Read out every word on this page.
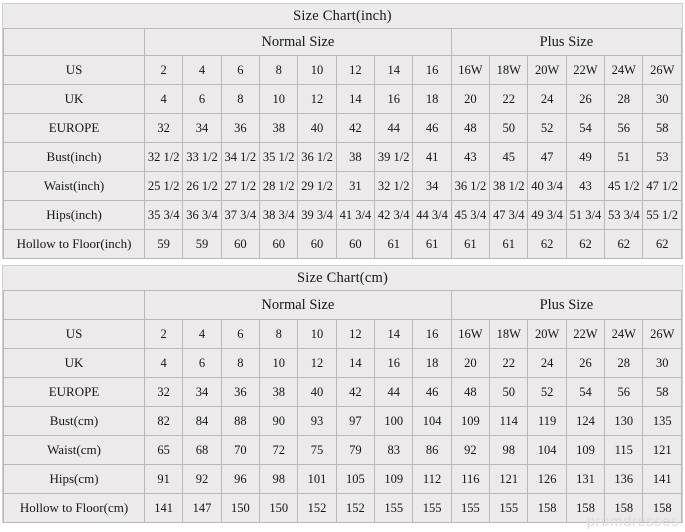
Size Chart(inch)
	Normal Size								Plus Size					
US	2	4	6	8	10	12	14	16	16W	18W	20W	22W	24W	26W
UK	4	6	8	10	12	14	16	18	20	22	24	26	28	30
EUROPE	32	34	36	38	40	42	44	46	48	50	52	54	56	58
Bust(inch)	32 1/2	33 1/2	34 1/2	35 1/2	36 1/2	38	39 1/2	41	43	45	47	49	51	53
Waist(inch)	25 1/2	26 1/2	27 1/2	28 1/2	29 1/2	31	32 1/2	34	36 1/2	38 1/2	40 3/4	43	45 1/2	47 1/2
Hips(inch)	35 3/4	36 3/4	37 3/4	38 3/4	39 3/4	41 3/4	42 3/4	44 3/4	45 3/4	47 3/4	49 3/4	51 3/4	53 3/4	55 1/2
Hollow to Floor(inch)	59	59	60	60	60	60	61	61	61	61	62	62	62	62
Size Chart(cm)
	Normal Size								Plus Size					
US	2	4	6	8	10	12	14	16	16W	18W	20W	22W	24W	26W
UK	4	6	8	10	12	14	16	18	20	22	24	26	28	30
EUROPE	32	34	36	38	40	42	44	46	48	50	52	54	56	58
Bust(cm)	82	84	88	90	93	97	100	104	109	114	119	124	130	135
Waist(cm)	65	68	70	72	75	79	83	86	92	98	104	109	115	121
Hips(cm)	91	92	96	98	101	105	109	112	116	121	126	131	136	141
Hollow to Floor(cm)	141	147	150	150	152	152	155	155	155	155	158	158	158	158
promdresses
